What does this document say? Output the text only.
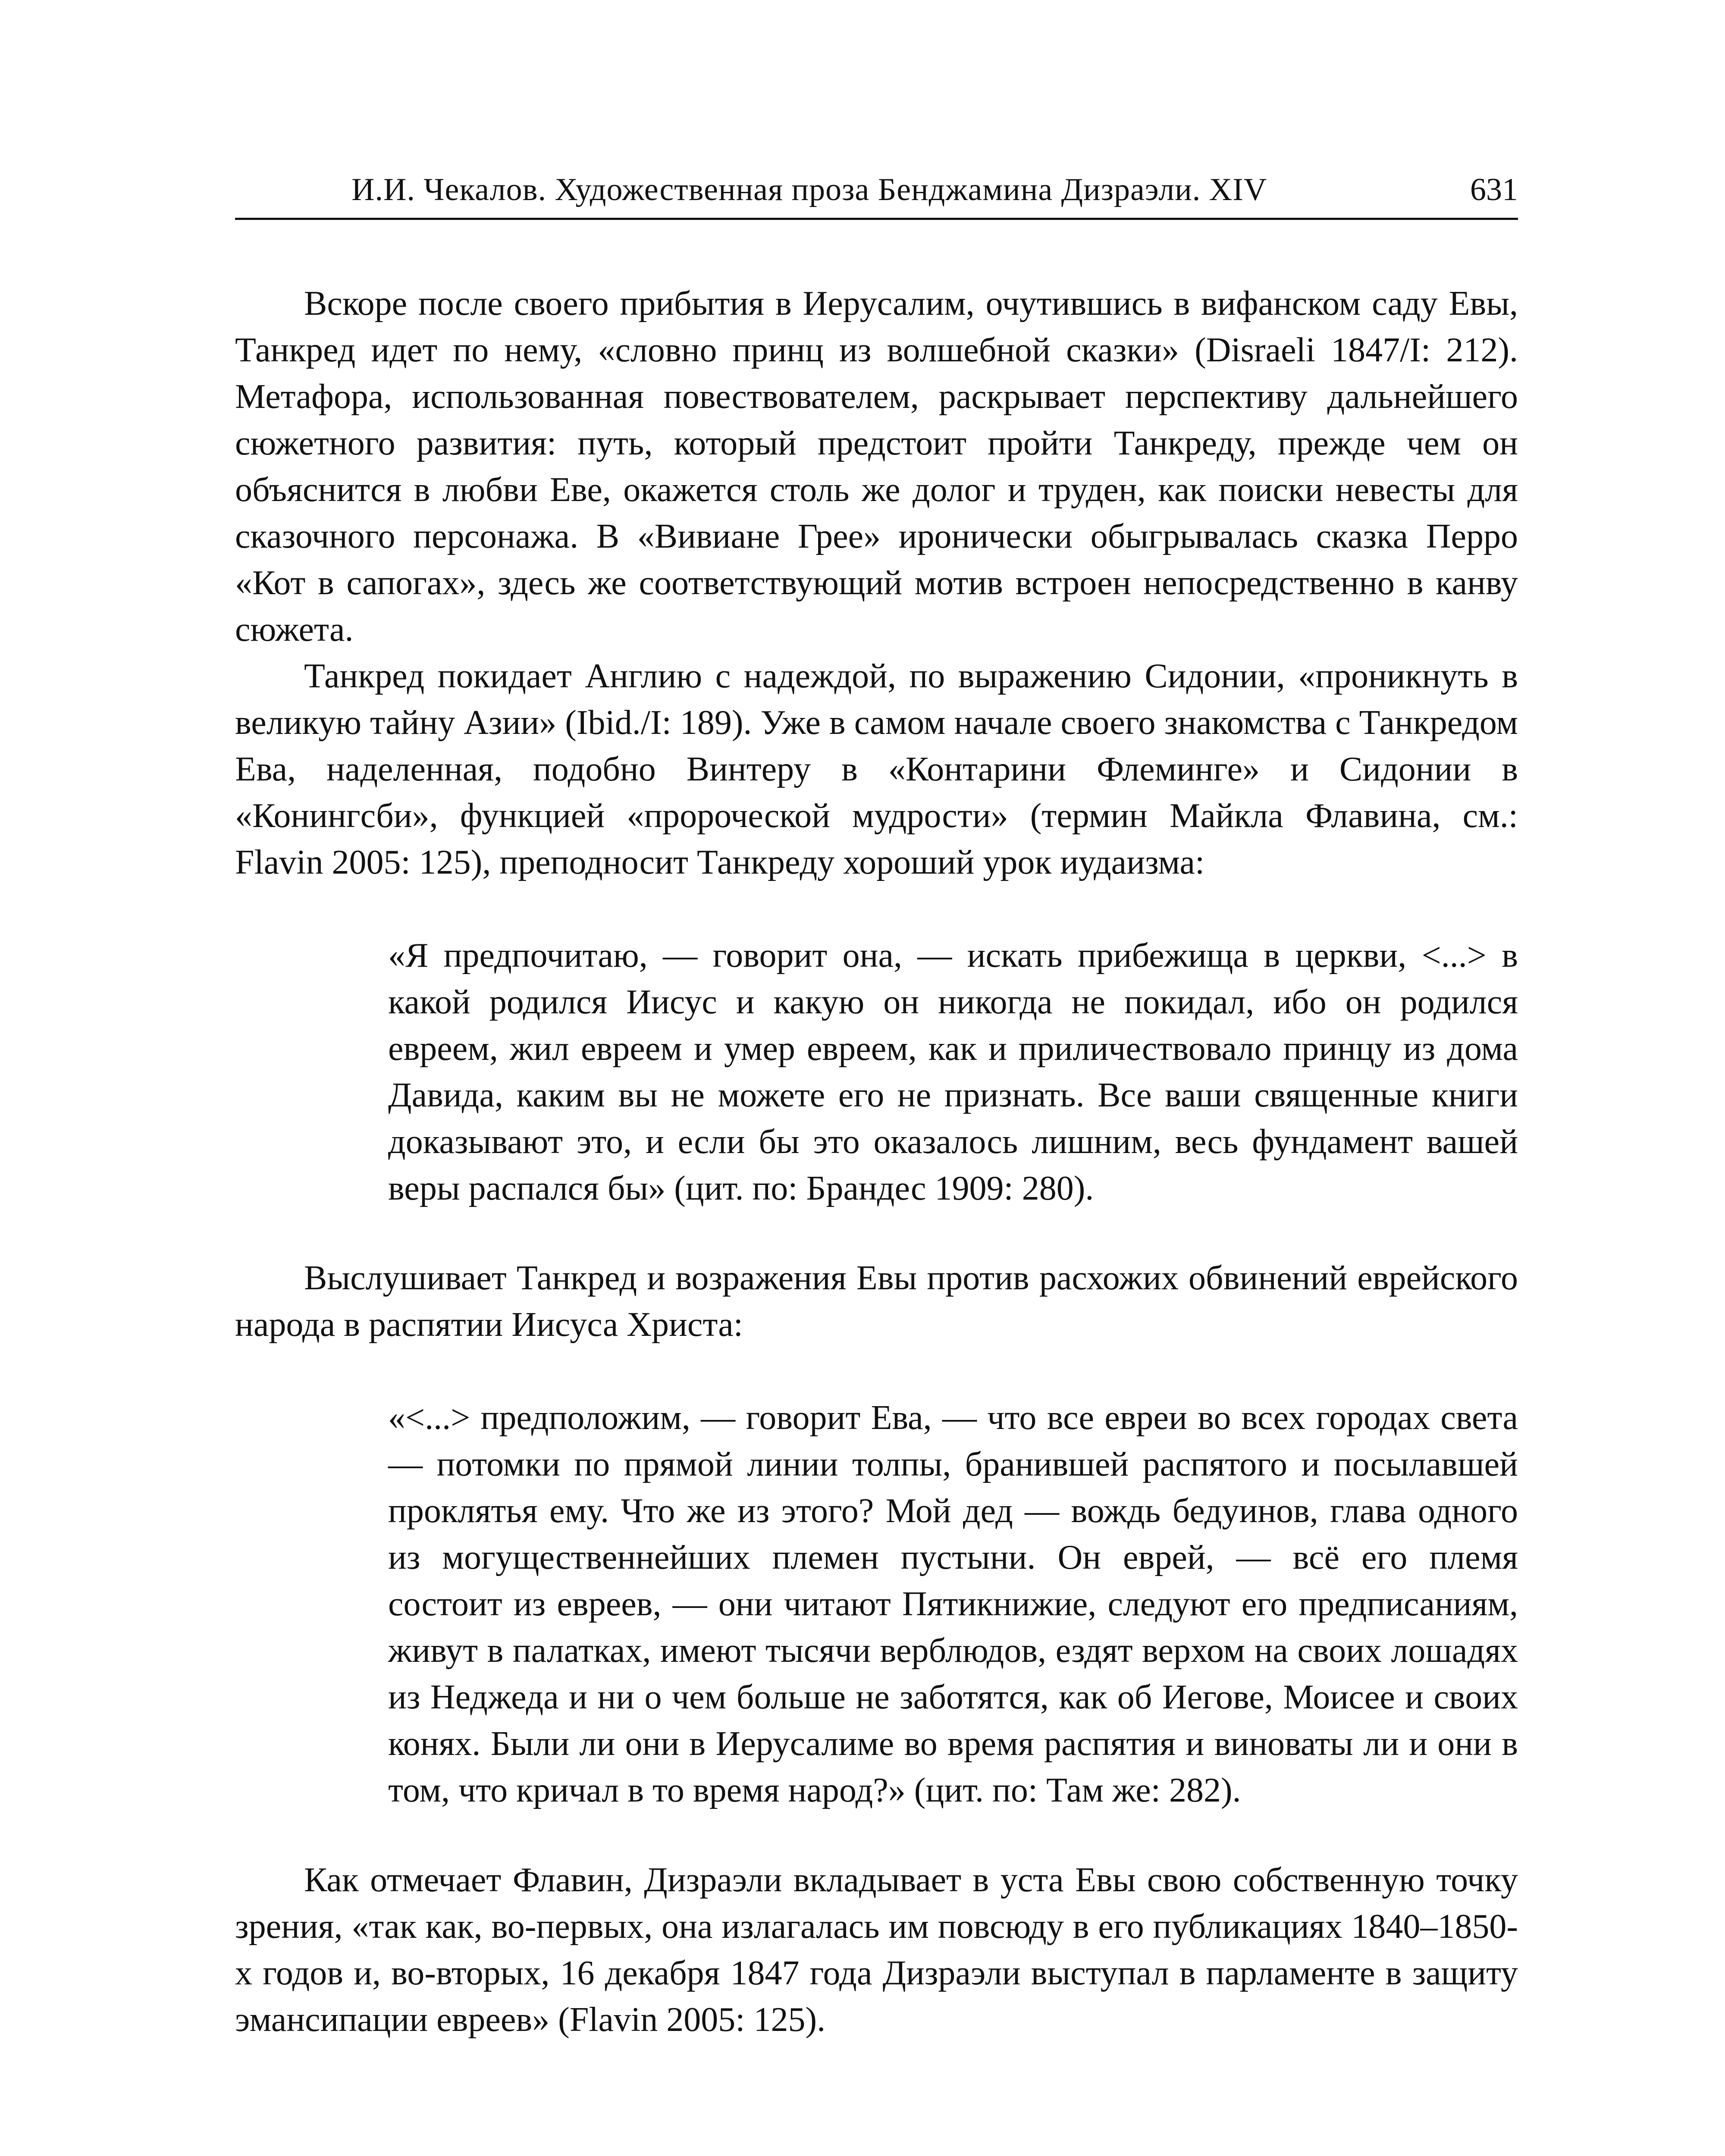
И.И. Чекалов. Художественная проза Бенджамина Дизраэли. XIV	631

Вскоре после своего прибытия в Иерусалим, очутившись в вифанском саду Евы, Танкред идет по нему, «словно принц из волшебной сказки» (Disraeli 1847/I: 212). Метафора, использованная повествователем, раскрывает перспективу дальнейшего сюжетного развития: путь, который предстоит пройти Танкреду, прежде чем он объяснится в любви Еве, окажется столь же долог и труден, как поиски невесты для сказочного персонажа. В «Вивиане Грее» иронически обыгрывалась сказка Перро «Кот в сапогах», здесь же соответствующий мотив встроен непосредственно в канву сюжета.

Танкред покидает Англию с надеждой, по выражению Сидонии, «проникнуть в великую тайну Азии» (Ibid./I: 189). Уже в самом начале своего знакомства с Танкредом Ева, наделенная, подобно Винтеру в «Контарини Флеминге» и Сидонии в «Конингсби», функцией «пророческой мудрости» (термин Майкла Флавина, см.: Flavin 2005: 125), преподносит Танкреду хороший урок иудаизма:

«Я предпочитаю, — говорит она, — искать прибежища в церкви, <...> в какой родился Иисус и какую он никогда не покидал, ибо он родился евреем, жил евреем и умер евреем, как и приличествовало принцу из дома Давида, каким вы не можете его не признать. Все ваши священные книги доказывают это, и если бы это оказалось лишним, весь фундамент вашей веры распался бы» (цит. по: Брандес 1909: 280).

Выслушивает Танкред и возражения Евы против расхожих обвинений еврейского народа в распятии Иисуса Христа:

«<...> предположим, — говорит Ева, — что все евреи во всех городах света — потомки по прямой линии толпы, бранившей распятого и посылавшей проклятья ему. Что же из этого? Мой дед — вождь бедуинов, глава одного из могущественнейших племен пустыни. Он еврей, — всё его племя состоит из евреев, — они читают Пятикнижие, следуют его предписаниям, живут в палатках, имеют тысячи верблюдов, ездят верхом на своих лошадях из Неджеда и ни о чем больше не заботятся, как об Иегове, Моисее и своих конях. Были ли они в Иерусалиме во время распятия и виноваты ли и они в том, что кричал в то время народ?» (цит. по: Там же: 282).

Как отмечает Флавин, Дизраэли вкладывает в уста Евы свою собственную точку зрения, «так как, во-первых, она излагалась им повсюду в его публикациях 1840–1850-х годов и, во-вторых, 16 декабря 1847 года Дизраэли выступал в парламенте в защиту эмансипации евреев» (Flavin 2005: 125).
